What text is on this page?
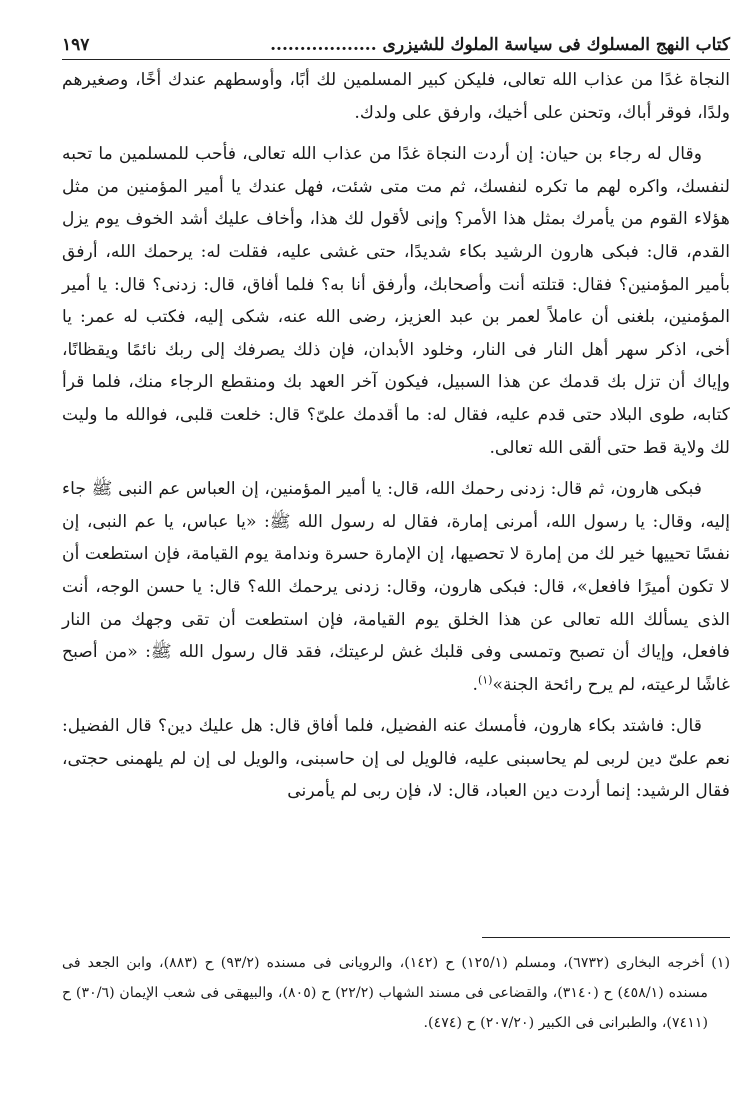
كتاب النهج المسلوك فى سياسة الملوك للشيزرى ..................
١٩٧

النجاة غدًا من عذاب الله تعالى، فليكن كبير المسلمين لك أبًا، وأوسطهم عندك أخًا، وصغيرهم ولدًا، فوقر أباك، وتحنن على أخيك، وارفق على ولدك.

وقال له رجاء بن حيان: إن أردت النجاة غدًا من عذاب الله تعالى، فأحب للمسلمين ما تحبه لنفسك، واكره لهم ما تكره لنفسك، ثم مت متى شئت، فهل عندك يا أمير المؤمنين من مثل هؤلاء القوم من يأمرك بمثل هذا الأمر؟ وإنى لأقول لك هذا، وأخاف عليك أشد الخوف يوم يزل القدم، قال: فبكى هارون الرشيد بكاء شديدًا، حتى غشى عليه، فقلت له: يرحمك الله، أرفق بأمير المؤمنين؟ فقال: قتلته أنت وأصحابك، وأرفق أنا به؟ فلما أفاق، قال: زدنى؟ قال: يا أمير المؤمنين، بلغنى أن عاملاً لعمر بن عبد العزيز، رضى الله عنه، شكى إليه، فكتب له عمر: يا أخى، اذكر سهر أهل النار فى النار، وخلود الأبدان، فإن ذلك يصرفك إلى ربك نائمًا ويقظانًا، وإياك أن تزل بك قدمك عن هذا السبيل، فيكون آخر العهد بك ومنقطع الرجاء منك، فلما قرأ كتابه، طوى البلاد حتى قدم عليه، فقال له: ما أقدمك علىّ؟ قال: خلعت قلبى، فوالله ما وليت لك ولاية قط حتى ألقى الله تعالى.

فبكى هارون، ثم قال: زدنى رحمك الله، قال: يا أمير المؤمنين، إن العباس عم النبى ﷺ جاء إليه، وقال: يا رسول الله، أمرنى إمارة، فقال له رسول الله ﷺ: «يا عباس، يا عم النبى، إن نفسًا تحييها خير لك من إمارة لا تحصيها، إن الإمارة حسرة وندامة يوم القيامة، فإن استطعت أن لا تكون أميرًا فافعل»، قال: فبكى هارون، وقال: زدنى يرحمك الله؟ قال: يا حسن الوجه، أنت الذى يسألك الله تعالى عن هذا الخلق يوم القيامة، فإن استطعت أن تقى وجهك من النار فافعل، وإياك أن تصبح وتمسى وفى قلبك غش لرعيتك، فقد قال رسول الله ﷺ: «من أصبح غاشًا لرعيته، لم يرح رائحة الجنة»$^{(١)}$.

قال: فاشتد بكاء هارون، فأمسك عنه الفضيل، فلما أفاق قال: هل عليك دين؟ قال الفضيل: نعم علىّ دين لربى لم يحاسبنى عليه، فالويل لى إن حاسبنى، والويل لى إن لم يلهمنى حجتى، فقال الرشيد: إنما أردت دين العباد، قال: لا، فإن ربى لم يأمرنى

(١) أخرجه البخارى (٦٧٣٢)، ومسلم (١٢٥/١) ح (١٤٢)، والرويانى فى مسنده (٩٣/٢) ح (٨٨٣)، وابن الجعد فى مسنده (٤٥٨/١) ح (٣١٤٠)، والقضاعى فى مسند الشهاب (٢٢/٢) ح (٨٠٥)، والبيهقى فى شعب الإيمان (٣٠/٦) ح (٧٤١١)، والطبرانى فى الكبير (٢٠٧/٢٠) ح (٤٧٤).
